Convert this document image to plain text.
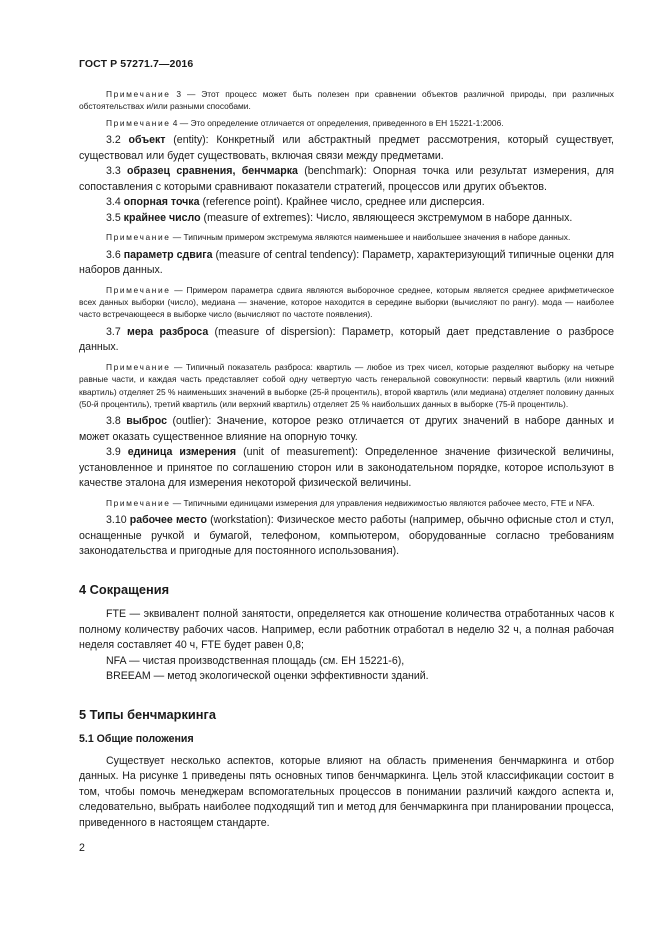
ГОСТ Р 57271.7—2016

Примечание 3 — Этот процесс может быть полезен при сравнении объектов различной природы, при различных обстоятельствах и/или разными способами.

Примечание 4 — Это определение отличается от определения, приведенного в ЕН 15221-1:2006.

3.2 объект (entity): Конкретный или абстрактный предмет рассмотрения, который существует, существовал или будет существовать, включая связи между предметами.

3.3 образец сравнения, бенчмарка (benchmark): Опорная точка или результат измерения, для сопоставления с которыми сравнивают показатели стратегий, процессов или других объектов.

3.4 опорная точка (reference point). Крайнее число, среднее или дисперсия.

3.5 крайнее число (measure of extremes): Число, являющееся экстремумом в наборе данных.

Примечание — Типичным примером экстремума являются наименьшее и наибольшее значения в наборе данных.

3.6 параметр сдвига (measure of central tendency): Параметр, характеризующий типичные оценки для наборов данных.

Примечание — Примером параметра сдвига являются выборочное среднее, которым является среднее арифметическое всех данных выборки (число), медиана — значение, которое находится в середине выборки (вычисляют по рангу). мода — наиболее часто встречающееся в выборке число (вычисляют по частоте появления).

3.7 мера разброса (measure of dispersion): Параметр, который дает представление о разбросе данных.

Примечание — Типичный показатель разброса: квартиль — любое из трех чисел, которые разделяют выборку на четыре равные части, и каждая часть представляет собой одну четвертую часть генеральной совокупности: первый квартиль (или нижний квартиль) отделяет 25 % наименьших значений в выборке (25-й процентиль), второй квартиль (или медиана) отделяет половину данных (50-й процентиль), третий квартиль (или верхний квартиль) отделяет 25 % наибольших данных в выборке (75-й процентиль).

3.8 выброс (outlier): Значение, которое резко отличается от других значений в наборе данных и может оказать существенное влияние на опорную точку.

3.9 единица измерения (unit of measurement): Определенное значение физической величины, установленное и принятое по соглашению сторон или в законодательном порядке, которое используют в качестве эталона для измерения некоторой физической величины.

Примечание — Типичными единицами измерения для управления недвижимостью являются рабочее место, FTE и NFA.

3.10 рабочее место (workstation): Физическое место работы (например, обычно офисные стол и стул, оснащенные ручкой и бумагой, телефоном, компьютером, оборудованные согласно требованиям законодательства и пригодные для постоянного использования).

4 Сокращения

FTE — эквивалент полной занятости, определяется как отношение количества отработанных часов к полному количеству рабочих часов. Например, если работник отработал в неделю 32 ч, а полная рабочая неделя составляет 40 ч, FTE будет равен 0,8;

NFA — чистая производственная площадь (см. ЕН 15221-6),

BREEAM — метод экологической оценки эффективности зданий.

5 Типы бенчмаркинга
5.1 Общие положения

Существует несколько аспектов, которые влияют на область применения бенчмаркинга и отбор данных. На рисунке 1 приведены пять основных типов бенчмаркинга. Цель этой классификации состоит в том, чтобы помочь менеджерам вспомогательных процессов в понимании различий каждого аспекта и, следовательно, выбрать наиболее подходящий тип и метод для бенчмаркинга при планировании процесса, приведенного в настоящем стандарте.

2
